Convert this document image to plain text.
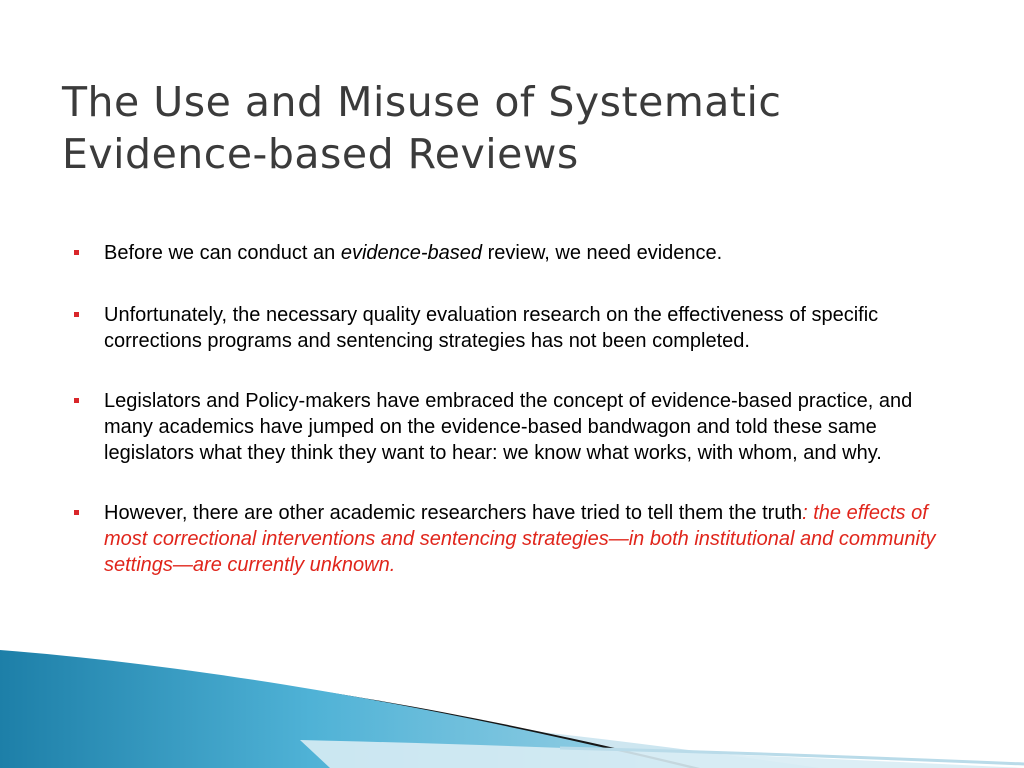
The Use and Misuse of Systematic
Evidence-based Reviews
Before we can conduct an evidence-based review, we need evidence.
Unfortunately, the necessary quality evaluation research on the effectiveness of specific corrections programs and sentencing strategies has not been completed.
Legislators and Policy-makers have embraced the concept of evidence-based practice, and many academics have jumped on the evidence-based bandwagon and told these same legislators what they think they want to hear: we know what works, with whom, and why.
However, there are other academic researchers have tried to tell them the truth: the effects of most correctional interventions and sentencing strategies—in both institutional and community settings—are currently unknown.
